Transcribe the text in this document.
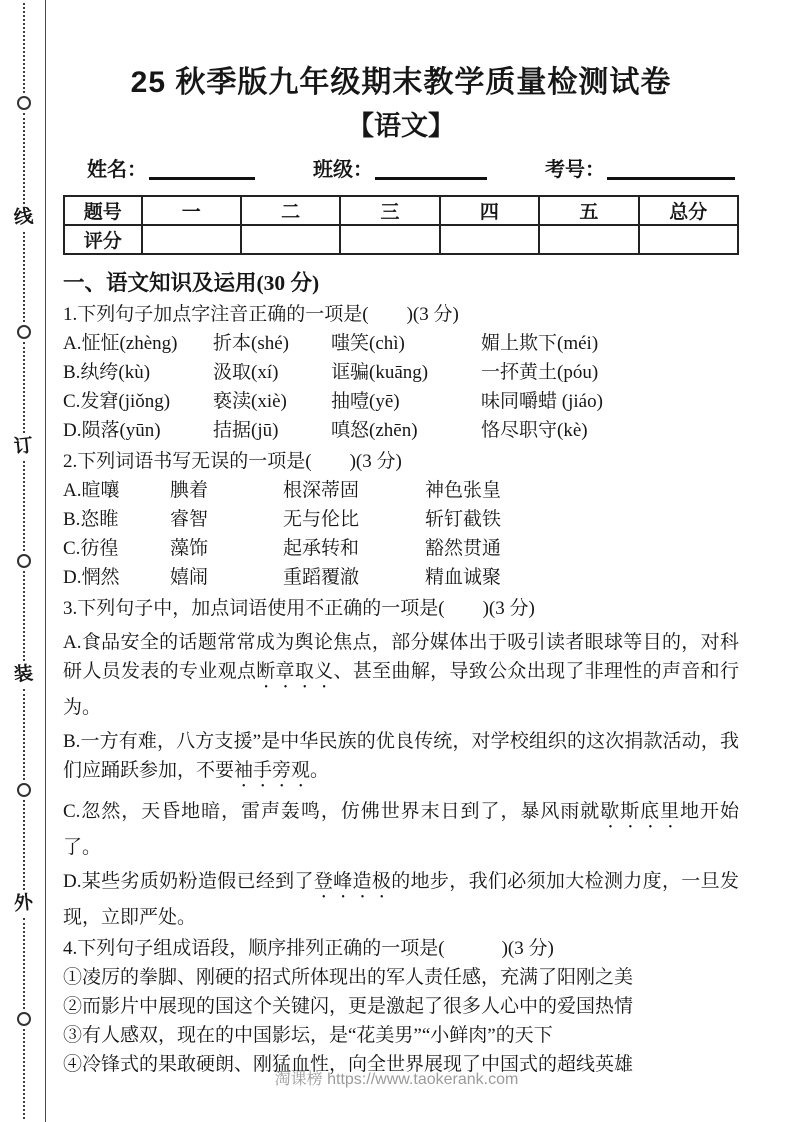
线
订
装
外
25 秋季版九年级期末教学质量检测试卷
【语文】
姓名：	班级：	考号：
题号	一	二	三	四	五	总分
评分						
一、语文知识及运用(30 分)
1.下列句子加点字注音正确的一项是(　　)(3 分)
A.怔怔(zhèng)	折本(shé)	嗤笑(chì)	媚上欺下(méi)
B.纨绔(kù)	汲取(xí)	诓骗(kuāng)	一抔黄土(póu)
C.发窘(jiǒng)	亵渎(xiè)	抽噎(yē)	味同嚼蜡 (jiáo)
D.陨落(yūn)	拮据(jū)	嗔怒(zhēn)	恪尽职守(kè)
2.下列词语书写无误的一项是(　　)(3 分)
A.暄嚷	腆着	根深蒂固	神色张皇
B.恣睢	睿智	无与伦比	斩钉截铁
C.彷徨	藻饰	起承转和	豁然贯通
D.惘然	嬉闹	重蹈覆澈	精血诚聚
3.下列句子中，加点词语使用不正确的一项是(　　)(3 分)
A.食品安全的话题常常成为舆论焦点，部分媒体出于吸引读者眼球等目的，对科研人员发表的专业观点断章取义、甚至曲解，导致公众出现了非理性的声音和行为。
B.一方有难，八方支援”是中华民族的优良传统，对学校组织的这次捐款活动，我们应踊跃参加，不要袖手旁观。
C.忽然，天昏地暗，雷声轰鸣，仿佛世界末日到了，暴风雨就歇斯底里地开始了。
D.某些劣质奶粉造假已经到了登峰造极的地步，我们必须加大检测力度，一旦发现，立即严处。
4.下列句子组成语段，顺序排列正确的一项是(　　　)(3 分)
①凌厉的拳脚、刚硬的招式所体现出的军人责任感，充满了阳刚之美
②而影片中展现的国这个关键闪，更是激起了很多人心中的爱国热情
③有人感双，现在的中国影坛，是“花美男”“小鲜肉”的天下
④冷锋式的果敢硬朗、刚猛血性，向全世界展现了中国式的超线英雄
淘课榜 https://www.taokerank.com
